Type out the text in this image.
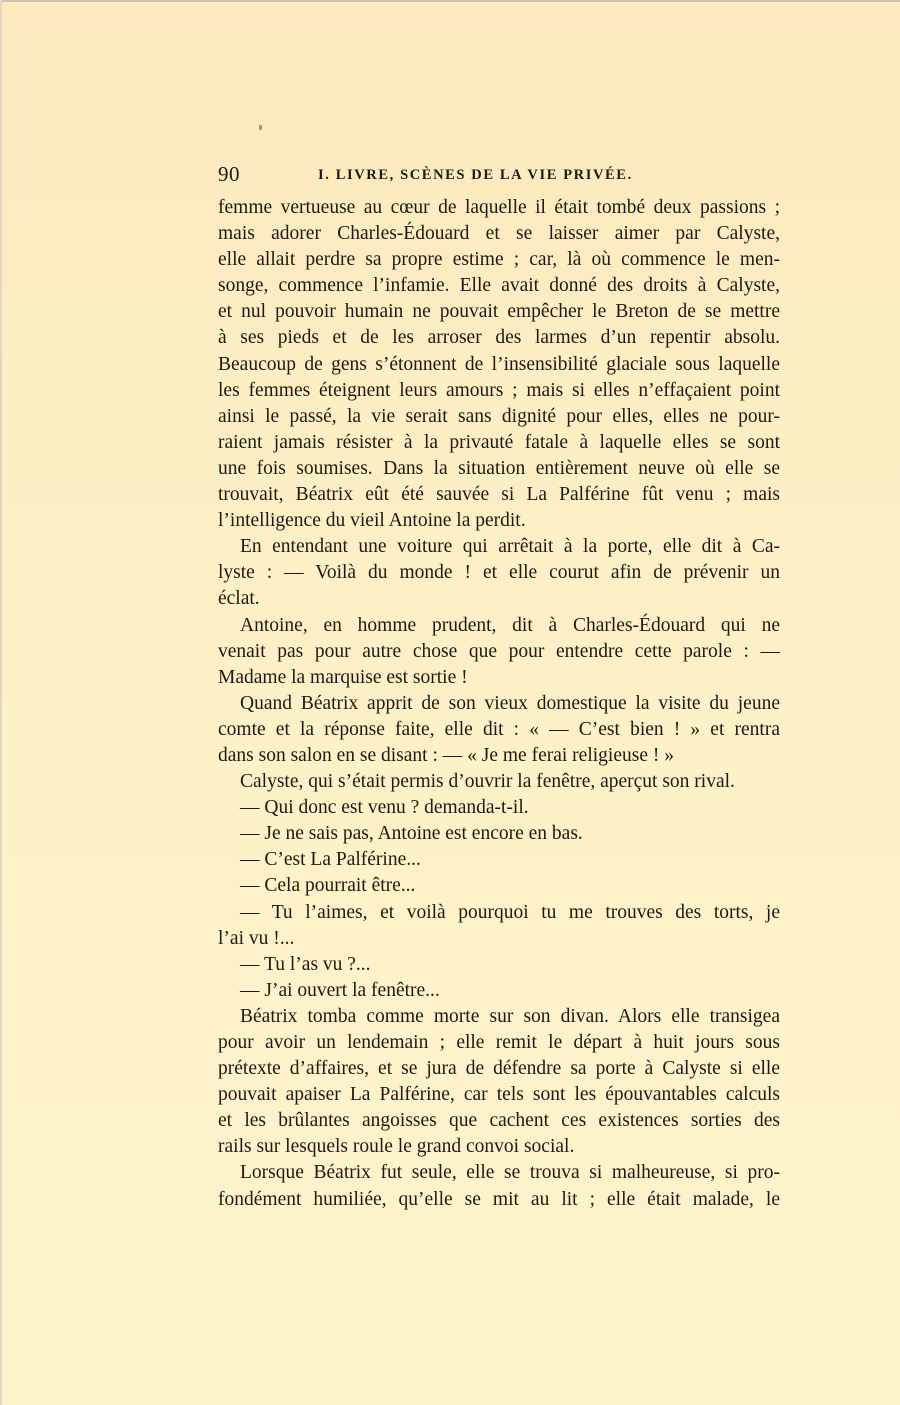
90	I. LIVRE, SCÈNES DE LA VIE PRIVÉE.
femme vertueuse au cœur de laquelle il était tombé deux passions ;
mais adorer Charles-Édouard et se laisser aimer par Calyste,
elle allait perdre sa propre estime ; car, là où commence le men-
songe, commence l’infamie. Elle avait donné des droits à Calyste,
et nul pouvoir humain ne pouvait empêcher le Breton de se mettre
à ses pieds et de les arroser des larmes d’un repentir absolu.
Beaucoup de gens s’étonnent de l’insensibilité glaciale sous laquelle
les femmes éteignent leurs amours ; mais si elles n’effaçaient point
ainsi le passé, la vie serait sans dignité pour elles, elles ne pour-
raient jamais résister à la privauté fatale à laquelle elles se sont
une fois soumises. Dans la situation entièrement neuve où elle se
trouvait, Béatrix eût été sauvée si La Palférine fût venu ; mais
l’intelligence du vieil Antoine la perdit.
En entendant une voiture qui arrêtait à la porte, elle dit à Ca-
lyste : — Voilà du monde ! et elle courut afin de prévenir un
éclat.
Antoine, en homme prudent, dit à Charles-Édouard qui ne
venait pas pour autre chose que pour entendre cette parole : —
Madame la marquise est sortie !
Quand Béatrix apprit de son vieux domestique la visite du jeune
comte et la réponse faite, elle dit : « — C’est bien ! » et rentra
dans son salon en se disant : — « Je me ferai religieuse ! »
Calyste, qui s’était permis d’ouvrir la fenêtre, aperçut son rival.
— Qui donc est venu ? demanda-t-il.
— Je ne sais pas, Antoine est encore en bas.
— C’est La Palférine...
— Cela pourrait être...
— Tu l’aimes, et voilà pourquoi tu me trouves des torts, je
l’ai vu !...
— Tu l’as vu ?...
— J’ai ouvert la fenêtre...
Béatrix tomba comme morte sur son divan. Alors elle transigea
pour avoir un lendemain ; elle remit le départ à huit jours sous
prétexte d’affaires, et se jura de défendre sa porte à Calyste si elle
pouvait apaiser La Palférine, car tels sont les épouvantables calculs
et les brûlantes angoisses que cachent ces existences sorties des
rails sur lesquels roule le grand convoi social.
Lorsque Béatrix fut seule, elle se trouva si malheureuse, si pro-
fondément humiliée, qu’elle se mit au lit ; elle était malade, le
